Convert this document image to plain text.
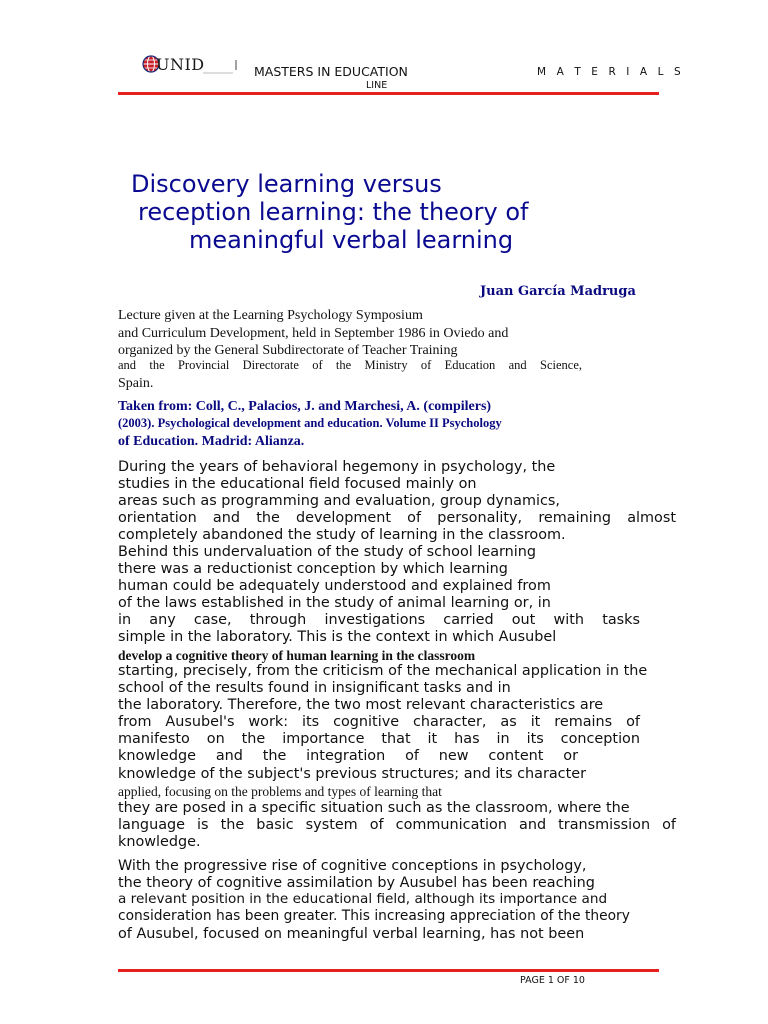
UNID	MASTERS IN EDUCATION
LINE
M A T E R I A L S
Discovery learning versus
reception learning: the theory of
meaningful verbal learning
Juan García Madruga
Lecture given at the Learning Psychology Symposium
and Curriculum Development, held in September 1986 in Oviedo and
organized by the General Subdirectorate of Teacher Training
and the Provincial Directorate of the Ministry of Education and Science,
Spain.
Taken from: Coll, C., Palacios, J. and Marchesi, A. (compilers)
(2003). Psychological development and education. Volume II Psychology
of Education. Madrid: Alianza.
During the years of behavioral hegemony in psychology, the
studies in the educational field focused mainly on
areas such as programming and evaluation, group dynamics,
orientation and the development of personality, remaining almost
completely abandoned the study of learning in the classroom.
Behind this undervaluation of the study of school learning
there was a reductionist conception by which learning
human could be adequately understood and explained from
of the laws established in the study of animal learning or, in
in any case, through investigations carried out with tasks
simple in the laboratory. This is the context in which Ausubel
develop a cognitive theory of human learning in the classroom
starting, precisely, from the criticism of the mechanical application in the
school of the results found in insignificant tasks and in
the laboratory. Therefore, the two most relevant characteristics are
from Ausubel's work: its cognitive character, as it remains of
manifesto on the importance that it has in its conception
knowledge and the integration of new content or
knowledge of the subject's previous structures; and its character
applied, focusing on the problems and types of learning that
they are posed in a specific situation such as the classroom, where the
language is the basic system of communication and transmission of
knowledge.
With the progressive rise of cognitive conceptions in psychology,
the theory of cognitive assimilation by Ausubel has been reaching
a relevant position in the educational field, although its importance and
consideration has been greater. This increasing appreciation of the theory
of Ausubel, focused on meaningful verbal learning, has not been
PAGE 1 OF 10
